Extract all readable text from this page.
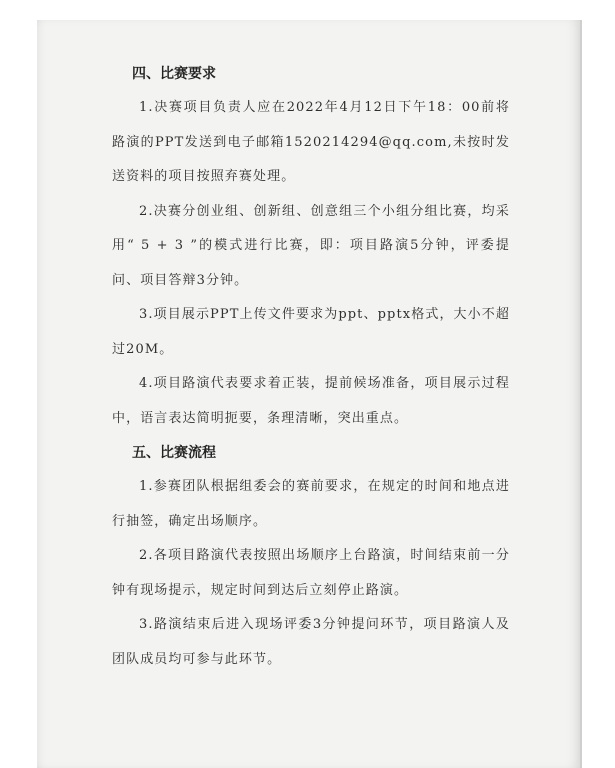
四、比赛要求

1.决赛项目负责人应在2022年4月12日下午18：00前将路演的PPT发送到电子邮箱1520214294@qq.com,未按时发送资料的项目按照弃赛处理。

2.决赛分创业组、创新组、创意组三个小组分组比赛，均采用“ 5 + 3 ”的模式进行比赛，即：项目路演5分钟，评委提问、项目答辩3分钟。

3.项目展示PPT上传文件要求为ppt、pptx格式，大小不超过20M。

4.项目路演代表要求着正装，提前候场准备，项目展示过程中，语言表达简明扼要，条理清晰，突出重点。

五、比赛流程

1.参赛团队根据组委会的赛前要求，在规定的时间和地点进行抽签，确定出场顺序。

2.各项目路演代表按照出场顺序上台路演，时间结束前一分钟有现场提示，规定时间到达后立刻停止路演。

3.路演结束后进入现场评委3分钟提问环节，项目路演人及团队成员均可参与此环节。
